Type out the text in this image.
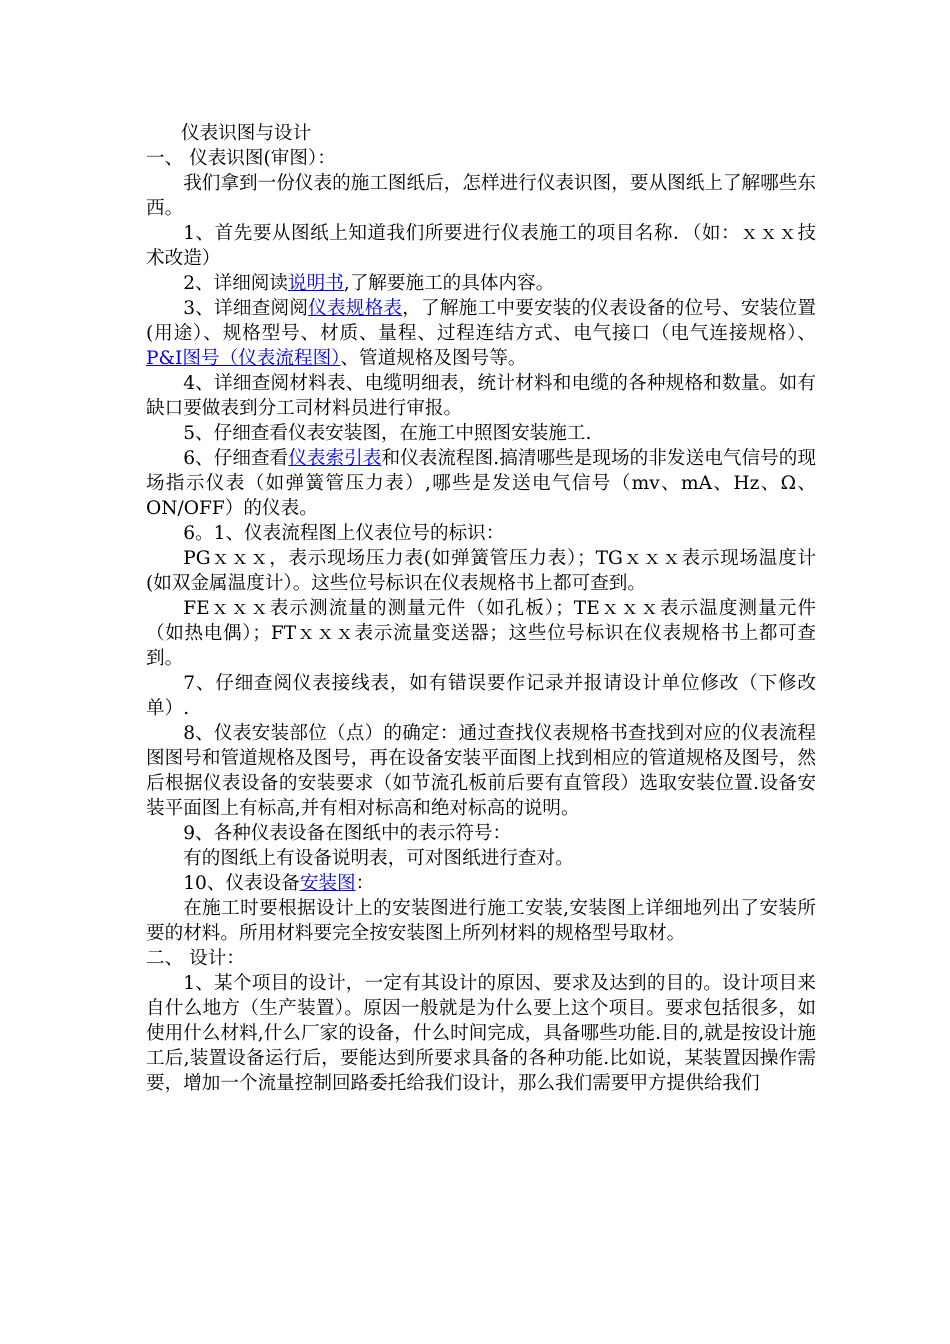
仪表识图与设计

一、 仪表识图(审图）：

我们拿到一份仪表的施工图纸后，怎样进行仪表识图，要从图纸上了解哪些东西。

1、首先要从图纸上知道我们所要进行仪表施工的项目名称．（如：ｘｘｘ技术改造）

2、详细阅读说明书,了解要施工的具体内容。

3、详细查阅阅仪表规格表，了解施工中要安装的仪表设备的位号、安装位置(用途）、规格型号、材质、量程、过程连结方式、电气接口（电气连接规格）、P&I图号（仪表流程图）、管道规格及图号等。

4、详细查阅材料表、电缆明细表，统计材料和电缆的各种规格和数量。如有缺口要做表到分工司材料员进行审报。

5、仔细查看仪表安装图，在施工中照图安装施工.

6、仔细查看仪表索引表和仪表流程图.搞清哪些是现场的非发送电气信号的现场指示仪表（如弹簧管压力表）,哪些是发送电气信号（mv、mA、Hz、Ω、ON/OFF）的仪表。

6。1、仪表流程图上仪表位号的标识：

PGｘｘｘ，表示现场压力表(如弹簧管压力表）；TGｘｘｘ表示现场温度计(如双金属温度计）。这些位号标识在仪表规格书上都可查到。

FEｘｘｘ表示测流量的测量元件（如孔板）；TEｘｘｘ表示温度测量元件（如热电偶）；FTｘｘｘ表示流量变送器；这些位号标识在仪表规格书上都可查到。

7、仔细查阅仪表接线表，如有错误要作记录并报请设计单位修改（下修改单）.

8、仪表安装部位（点）的确定：通过查找仪表规格书查找到对应的仪表流程图图号和管道规格及图号，再在设备安装平面图上找到相应的管道规格及图号，然后根据仪表设备的安装要求（如节流孔板前后要有直管段）选取安装位置.设备安装平面图上有标高,并有相对标高和绝对标高的说明。

9、各种仪表设备在图纸中的表示符号：

有的图纸上有设备说明表，可对图纸进行查对。

10、仪表设备安装图：

在施工时要根据设计上的安装图进行施工安装,安装图上详细地列出了安装所要的材料。所用材料要完全按安装图上所列材料的规格型号取材。

二、 设计：

1、某个项目的设计，一定有其设计的原因、要求及达到的目的。设计项目来自什么地方（生产装置）。原因一般就是为什么要上这个项目。要求包括很多，如使用什么材料,什么厂家的设备，什么时间完成，具备哪些功能.目的,就是按设计施工后,装置设备运行后，要能达到所要求具备的各种功能.比如说，某装置因操作需要，增加一个流量控制回路委托给我们设计，那么我们需要甲方提供给我们
